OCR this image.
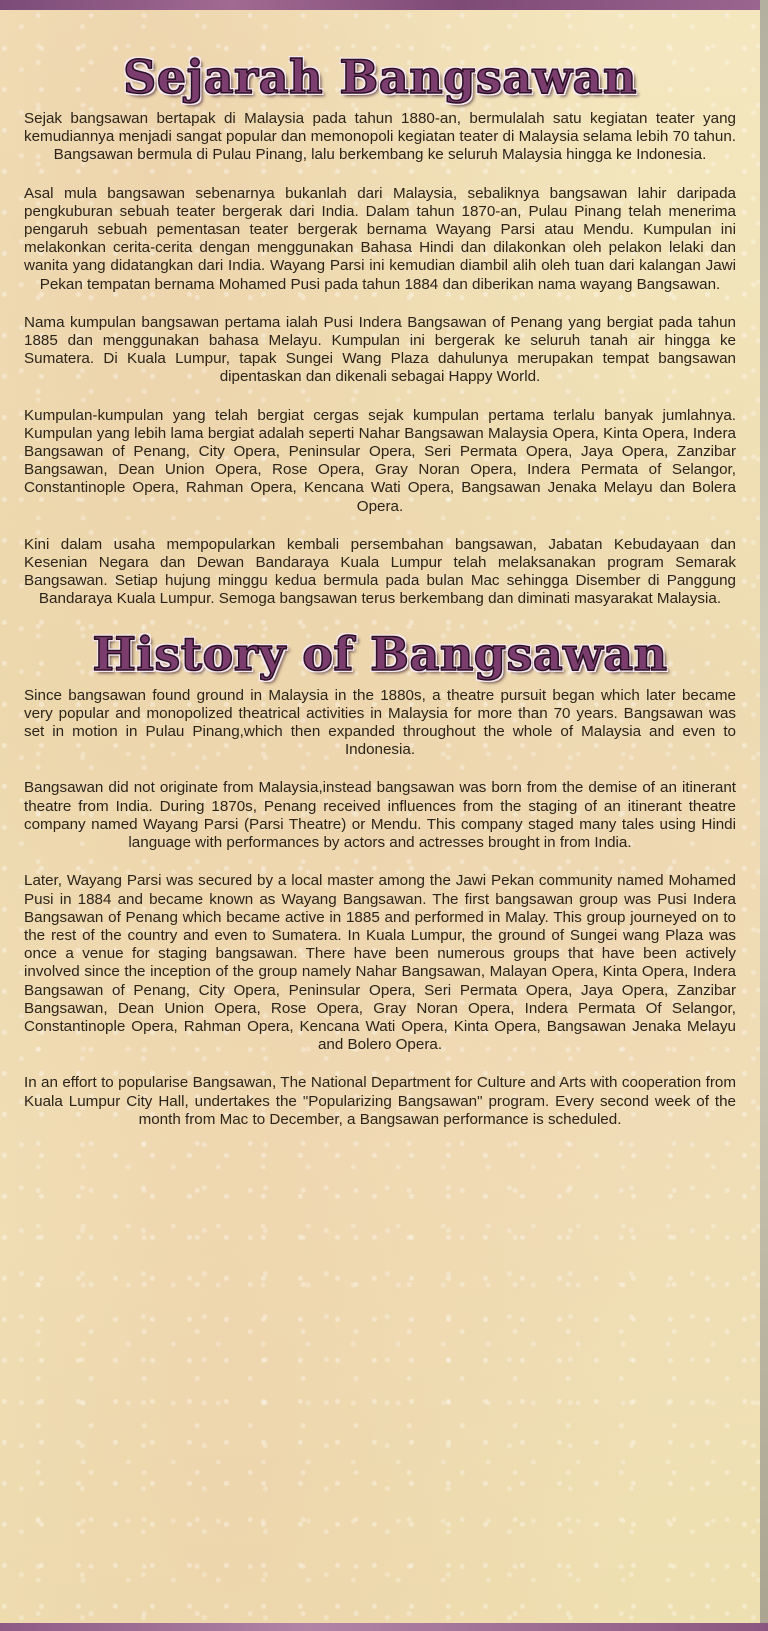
Sejarah Bangsawan

Sejak bangsawan bertapak di Malaysia pada tahun 1880-an, bermulalah satu kegiatan teater yang kemudiannya menjadi sangat popular dan memonopoli kegiatan teater di Malaysia selama lebih 70 tahun. Bangsawan bermula di Pulau Pinang, lalu berkembang ke seluruh Malaysia hingga ke Indonesia.

Asal mula bangsawan sebenarnya bukanlah dari Malaysia, sebaliknya bangsawan lahir daripada pengkuburan sebuah teater bergerak dari India. Dalam tahun 1870-an, Pulau Pinang telah menerima pengaruh sebuah pementasan teater bergerak bernama Wayang Parsi atau Mendu. Kumpulan ini melakonkan cerita-cerita dengan menggunakan Bahasa Hindi dan dilakonkan oleh pelakon lelaki dan wanita yang didatangkan dari India. Wayang Parsi ini kemudian diambil alih oleh tuan dari kalangan Jawi Pekan tempatan bernama Mohamed Pusi pada tahun 1884 dan diberikan nama wayang Bangsawan.

Nama kumpulan bangsawan pertama ialah Pusi Indera Bangsawan of Penang yang bergiat pada tahun 1885 dan menggunakan bahasa Melayu. Kumpulan ini bergerak ke seluruh tanah air hingga ke Sumatera. Di Kuala Lumpur, tapak Sungei Wang Plaza dahulunya merupakan tempat bangsawan dipentaskan dan dikenali sebagai Happy World.

Kumpulan-kumpulan yang telah bergiat cergas sejak kumpulan pertama terlalu banyak jumlahnya. Kumpulan yang lebih lama bergiat adalah seperti Nahar Bangsawan Malaysia Opera, Kinta Opera, Indera Bangsawan of Penang, City Opera, Peninsular Opera, Seri Permata Opera, Jaya Opera, Zanzibar Bangsawan, Dean Union Opera, Rose Opera, Gray Noran Opera, Indera Permata of Selangor, Constantinople Opera, Rahman Opera, Kencana Wati Opera, Bangsawan Jenaka Melayu dan Bolera Opera.

Kini dalam usaha mempopularkan kembali persembahan bangsawan, Jabatan Kebudayaan dan Kesenian Negara dan Dewan Bandaraya Kuala Lumpur telah melaksanakan program Semarak Bangsawan. Setiap hujung minggu kedua bermula pada bulan Mac sehingga Disember di Panggung Bandaraya Kuala Lumpur. Semoga bangsawan terus berkembang dan diminati masyarakat Malaysia.

History of Bangsawan

Since bangsawan found ground in Malaysia in the 1880s, a theatre pursuit began which later became very popular and monopolized theatrical activities in Malaysia for more than 70 years. Bangsawan was set in motion in Pulau Pinang,which then expanded throughout the whole of Malaysia and even to Indonesia.

Bangsawan did not originate from Malaysia,instead bangsawan was born from the demise of an itinerant theatre from India. During 1870s, Penang received influences from the staging of an itinerant theatre company named Wayang Parsi (Parsi Theatre) or Mendu. This company staged many tales using Hindi language with performances by actors and actresses brought in from India.

Later, Wayang Parsi was secured by a local master among the Jawi Pekan community named Mohamed Pusi in 1884 and became known as Wayang Bangsawan. The first bangsawan group was Pusi Indera Bangsawan of Penang which became active in 1885 and performed in Malay. This group journeyed on to the rest of the country and even to Sumatera. In Kuala Lumpur, the ground of Sungei wang Plaza was once a venue for staging bangsawan. There have been numerous groups that have been actively involved since the inception of the group namely Nahar Bangsawan, Malayan Opera, Kinta Opera, Indera Bangsawan of Penang, City Opera, Peninsular Opera, Seri Permata Opera, Jaya Opera, Zanzibar Bangsawan, Dean Union Opera, Rose Opera, Gray Noran Opera, Indera Permata Of Selangor, Constantinople Opera, Rahman Opera, Kencana Wati Opera, Kinta Opera, Bangsawan Jenaka Melayu and Bolero Opera.

In an effort to popularise Bangsawan, The National Department for Culture and Arts with cooperation from Kuala Lumpur City Hall, undertakes the "Popularizing Bangsawan" program. Every second week of the month from Mac to December, a Bangsawan performance is scheduled.
